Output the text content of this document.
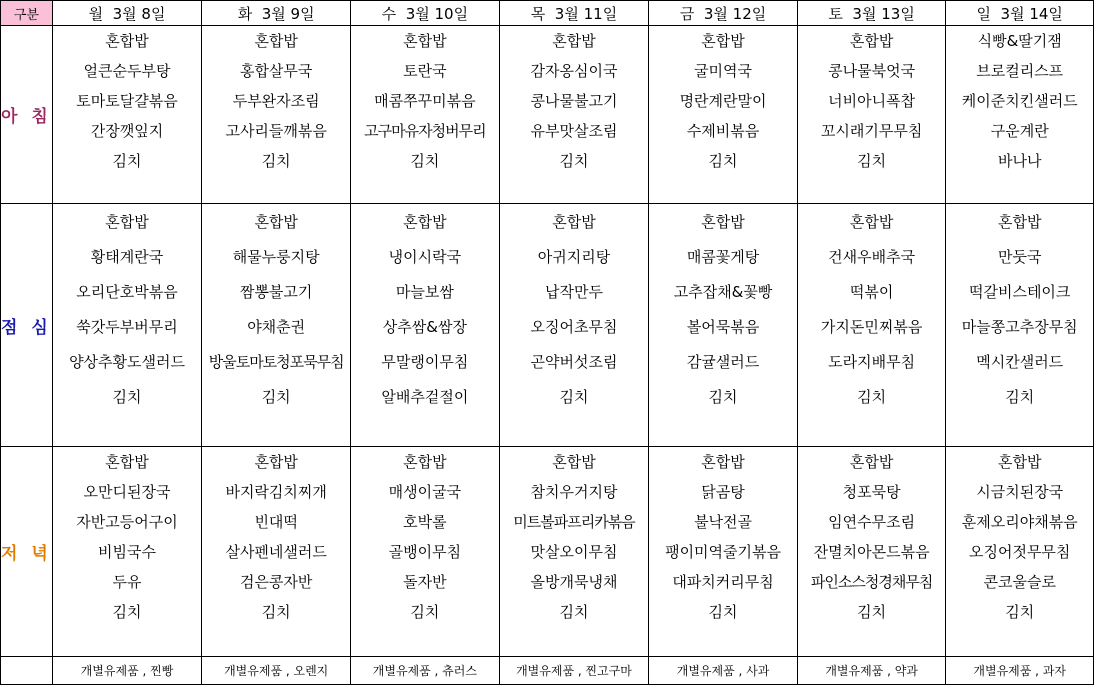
구분	월  3월 8일	화  3월 9일	수  3월 10일	목  3월 11일	금  3월 12일	토  3월 13일	일  3월 14일
아 침	혼합밥	혼합밥	혼합밥	혼합밥	혼합밥	혼합밥	식빵&딸기잼
	얼큰순두부탕	홍합살무국	토란국	감자옹심이국	굴미역국	콩나물북엇국	브로컬리스프
	토마토달걀볶음	두부완자조림	매콤쭈꾸미볶음	콩나물불고기	명란계란말이	너비아니폭찹	케이준치킨샐러드
	간장깻잎지	고사리들깨볶음	고구마유자청버무리	유부맛살조림	수제비볶음	꼬시래기무무침	구운계란
	김치	김치	김치	김치	김치	김치	바나나

점 심	혼합밥	혼합밥	혼합밥	혼합밥	혼합밥	혼합밥	혼합밥
	황태계란국	해물누룽지탕	냉이시락국	아귀지리탕	매콤꽃게탕	건새우배추국	만둣국
	오리단호박볶음	짬뽕불고기	마늘보쌈	납작만두	고추잡채&꽃빵	떡볶이	떡갈비스테이크
	쑥갓두부버무리	야채춘권	상추쌈&쌈장	오징어초무침	볼어묵볶음	가지돈민찌볶음	마늘쫑고추장무침
	양상추황도샐러드	방울토마토청포묵무침	무말랭이무침	곤약버섯조림	감귤샐러드	도라지배무침	멕시칸샐러드
	김치	김치	알배추겉절이	김치	김치	김치	김치

저 녁	혼합밥	혼합밥	혼합밥	혼합밥	혼합밥	혼합밥	혼합밥
	오만디된장국	바지락김치찌개	매생이굴국	참치우거지탕	닭곰탕	청포묵탕	시금치된장국
	자반고등어구이	빈대떡	호박롤	미트볼파프리카볶음	불낙전골	임연수무조림	훈제오리야채볶음
	비빔국수	살사펜네샐러드	골뱅이무침	맛살오이무침	팽이미역줄기볶음	잔멸치아몬드볶음	오징어젓무무침
	두유	검은콩자반	돌자반	올방개묵냉채	대파치커리무침	파인소스청경채무침	콘코울슬로
	김치	김치	김치	김치	김치	김치	김치

	개별유제품 , 찐빵	개별유제품 , 오렌지	개별유제품 , 츄러스	개별유제품 , 찐고구마	개별유제품 , 사과	개별유제품 , 약과	개별유제품 , 과자
